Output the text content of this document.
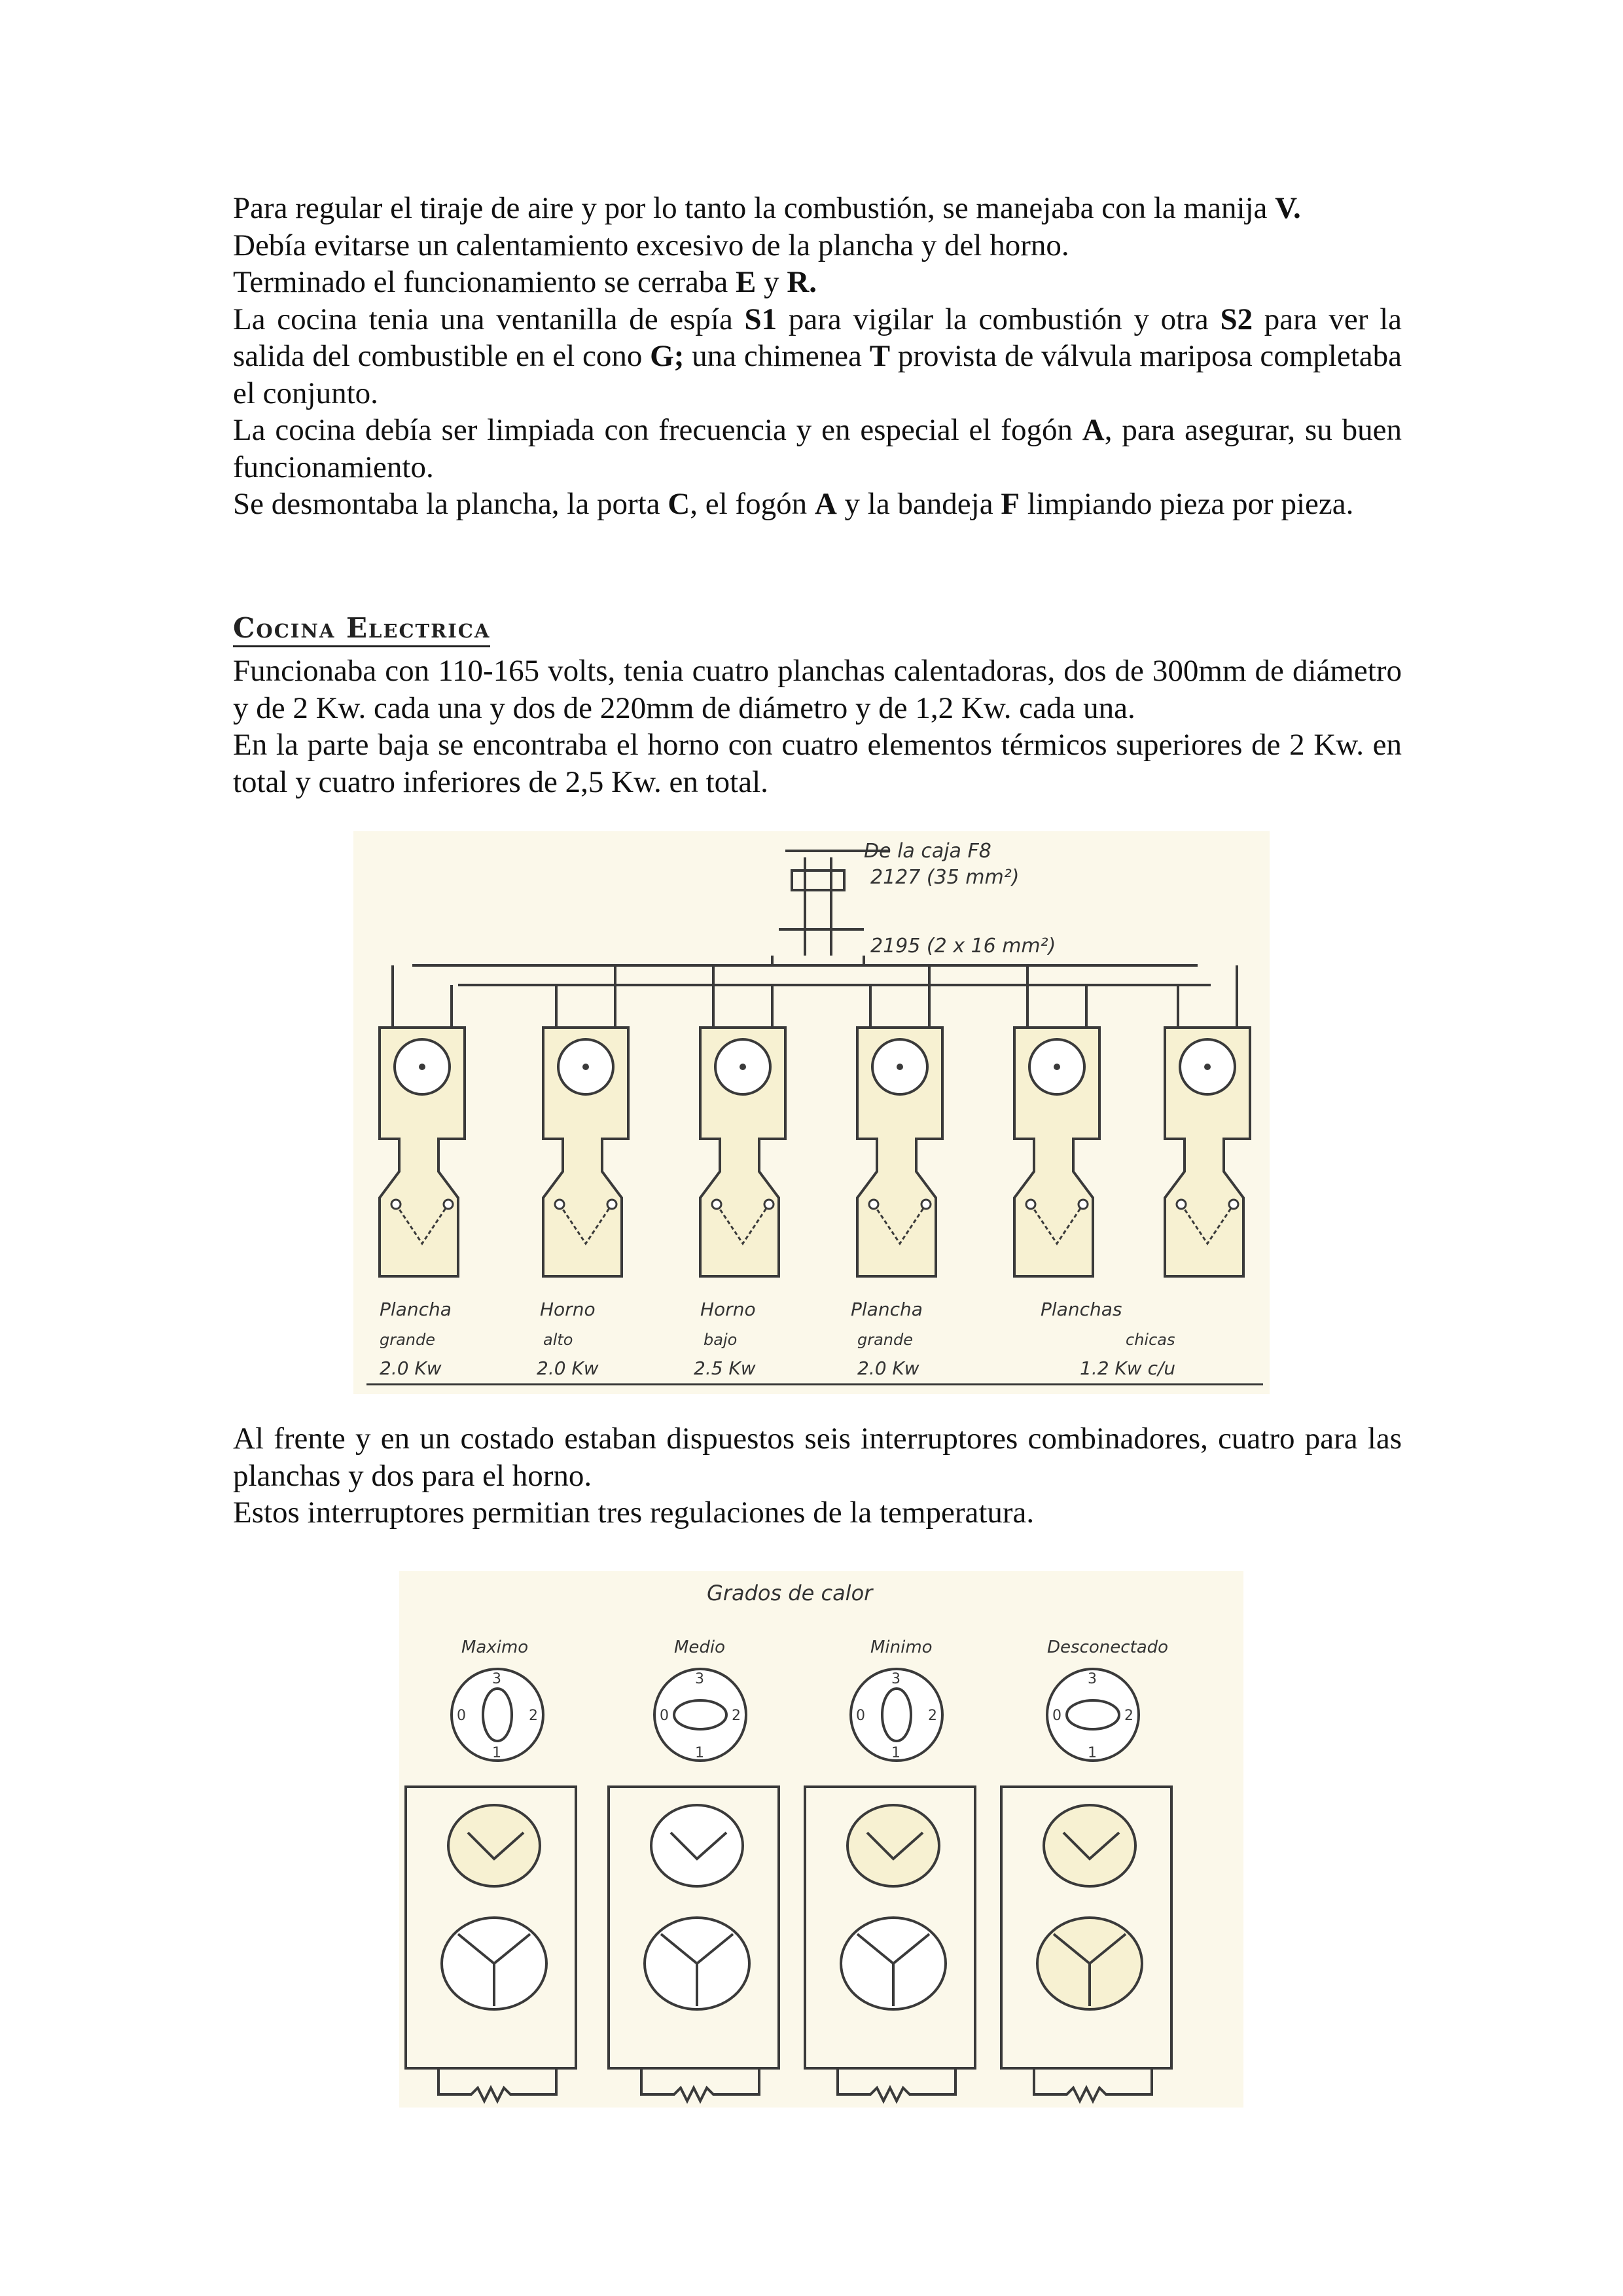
Para regular el tiraje de aire y por lo tanto la combustión, se manejaba con la manija V.

Debía evitarse un calentamiento excesivo de la plancha y del horno.

Terminado el funcionamiento se cerraba E y R.

La cocina tenia una ventanilla de espía S1 para vigilar la combustión y otra S2 para ver la salida del combustible en el cono G; una chimenea T provista de válvula mariposa completaba el conjunto.

La cocina debía ser limpiada con frecuencia y en especial el fogón A, para asegurar, su buen funcionamiento.

Se desmontaba la plancha, la porta C, el fogón A y la bandeja F limpiando pieza por pieza.

Cocina Electrica

Funcionaba con 110-165 volts, tenia cuatro planchas calentadoras, dos de 300mm de diámetro y de 2 Kw. cada una y dos de 220mm de diámetro y de 1,2 Kw. cada una.

En la parte baja se encontraba el horno con cuatro elementos térmicos superiores de 2 Kw. en total y cuatro inferiores de 2,5 Kw. en total.

De la caja F8
2127 (35 mm²)
2195 (2 x 16 mm²)
Plancha
grande
2.0 Kw
Horno
alto
2.0 Kw
Horno
bajo
2.5 Kw
Plancha
grande
2.0 Kw
Planchas
chicas
1.2 Kw c/u

Al frente y en un costado estaban dispuestos seis interruptores combinadores, cuatro para las planchas y dos para el horno.

Estos interruptores permitian tres regulaciones de la temperatura.

Grados de calor
3
0	2
1
3
0	2
1
3
0	2
1
3
0	2
1
Maximo	Medio	Minimo	Desconectado
